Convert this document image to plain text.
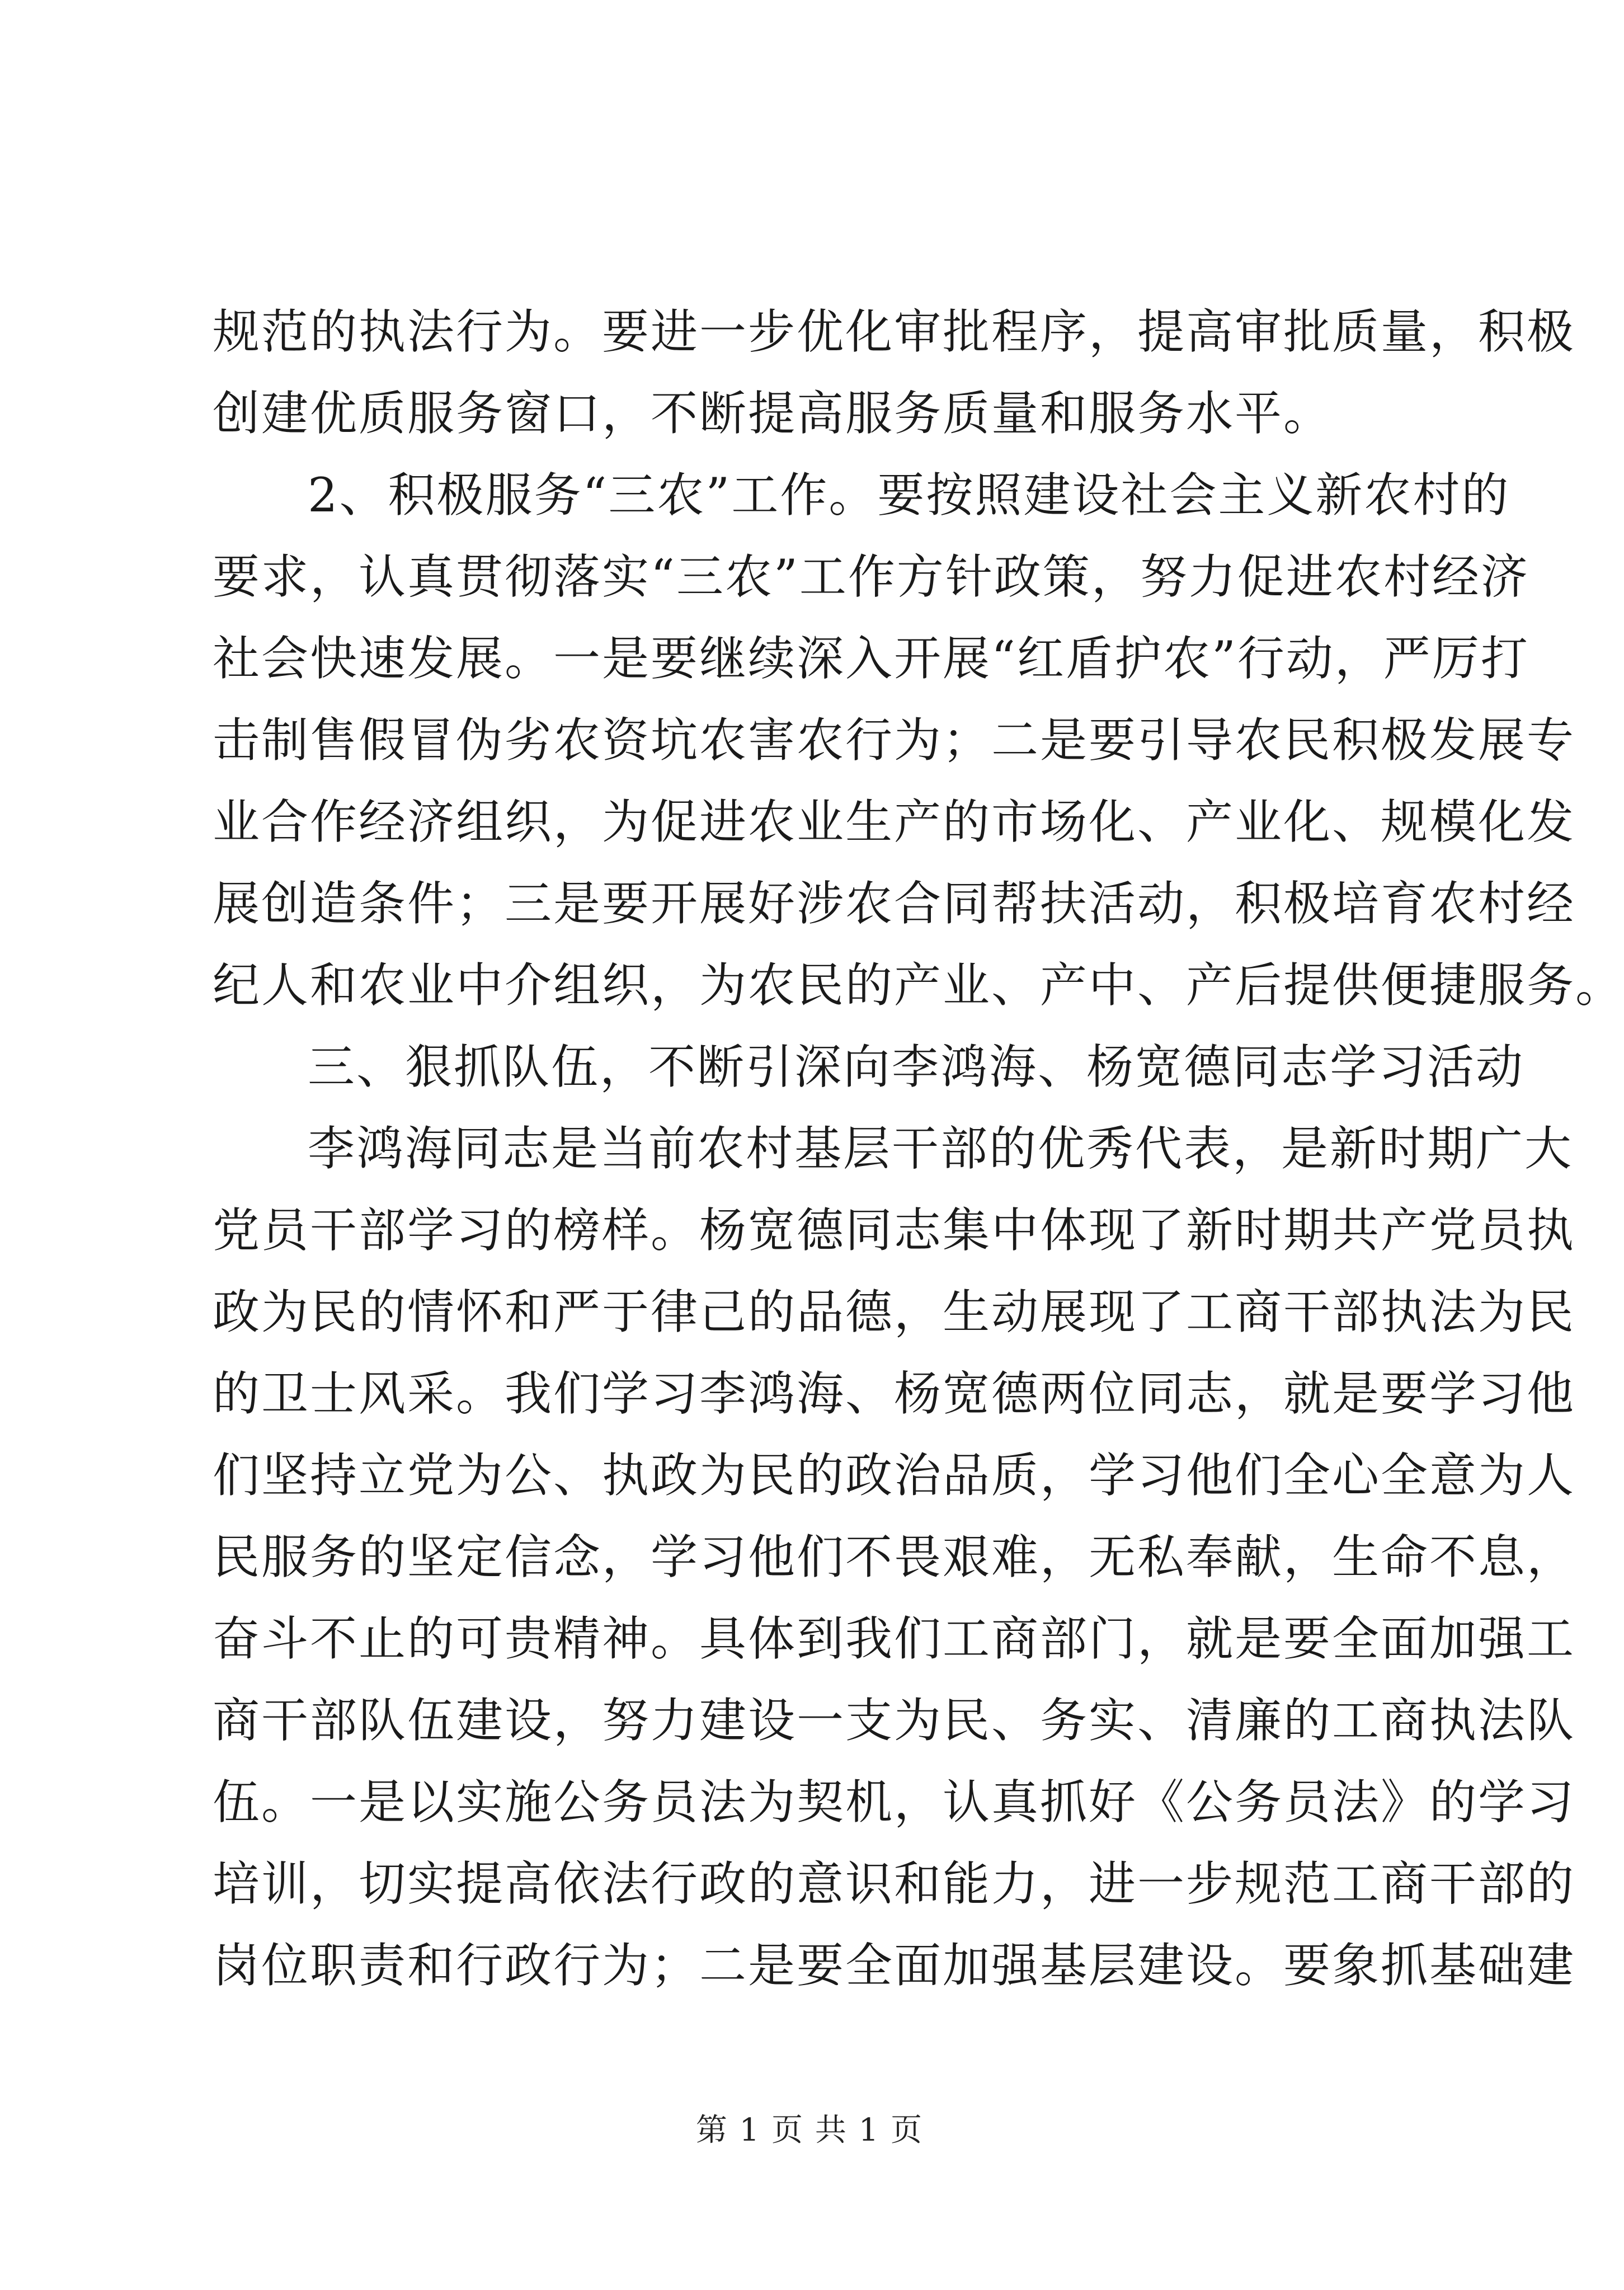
规范的执法行为。要进一步优化审批程序，提高审批质量，积极
创建优质服务窗口，不断提高服务质量和服务水平。
2、积极服务“三农”工作。要按照建设社会主义新农村的
要求，认真贯彻落实“三农”工作方针政策，努力促进农村经济
社会快速发展。一是要继续深入开展“红盾护农”行动，严厉打
击制售假冒伪劣农资坑农害农行为；二是要引导农民积极发展专
业合作经济组织，为促进农业生产的市场化、产业化、规模化发
展创造条件；三是要开展好涉农合同帮扶活动，积极培育农村经
纪人和农业中介组织，为农民的产业、产中、产后提供便捷服务。
三、狠抓队伍，不断引深向李鸿海、杨宽德同志学习活动
李鸿海同志是当前农村基层干部的优秀代表，是新时期广大
党员干部学习的榜样。杨宽德同志集中体现了新时期共产党员执
政为民的情怀和严于律己的品德，生动展现了工商干部执法为民
的卫士风采。我们学习李鸿海、杨宽德两位同志，就是要学习他
们坚持立党为公、执政为民的政治品质，学习他们全心全意为人
民服务的坚定信念，学习他们不畏艰难，无私奉献，生命不息，
奋斗不止的可贵精神。具体到我们工商部门，就是要全面加强工
商干部队伍建设，努力建设一支为民、务实、清廉的工商执法队
伍。一是以实施公务员法为契机，认真抓好《公务员法》的学习
培训，切实提高依法行政的意识和能力，进一步规范工商干部的
岗位职责和行政行为；二是要全面加强基层建设。要象抓基础建
第 1 页 共 1 页
